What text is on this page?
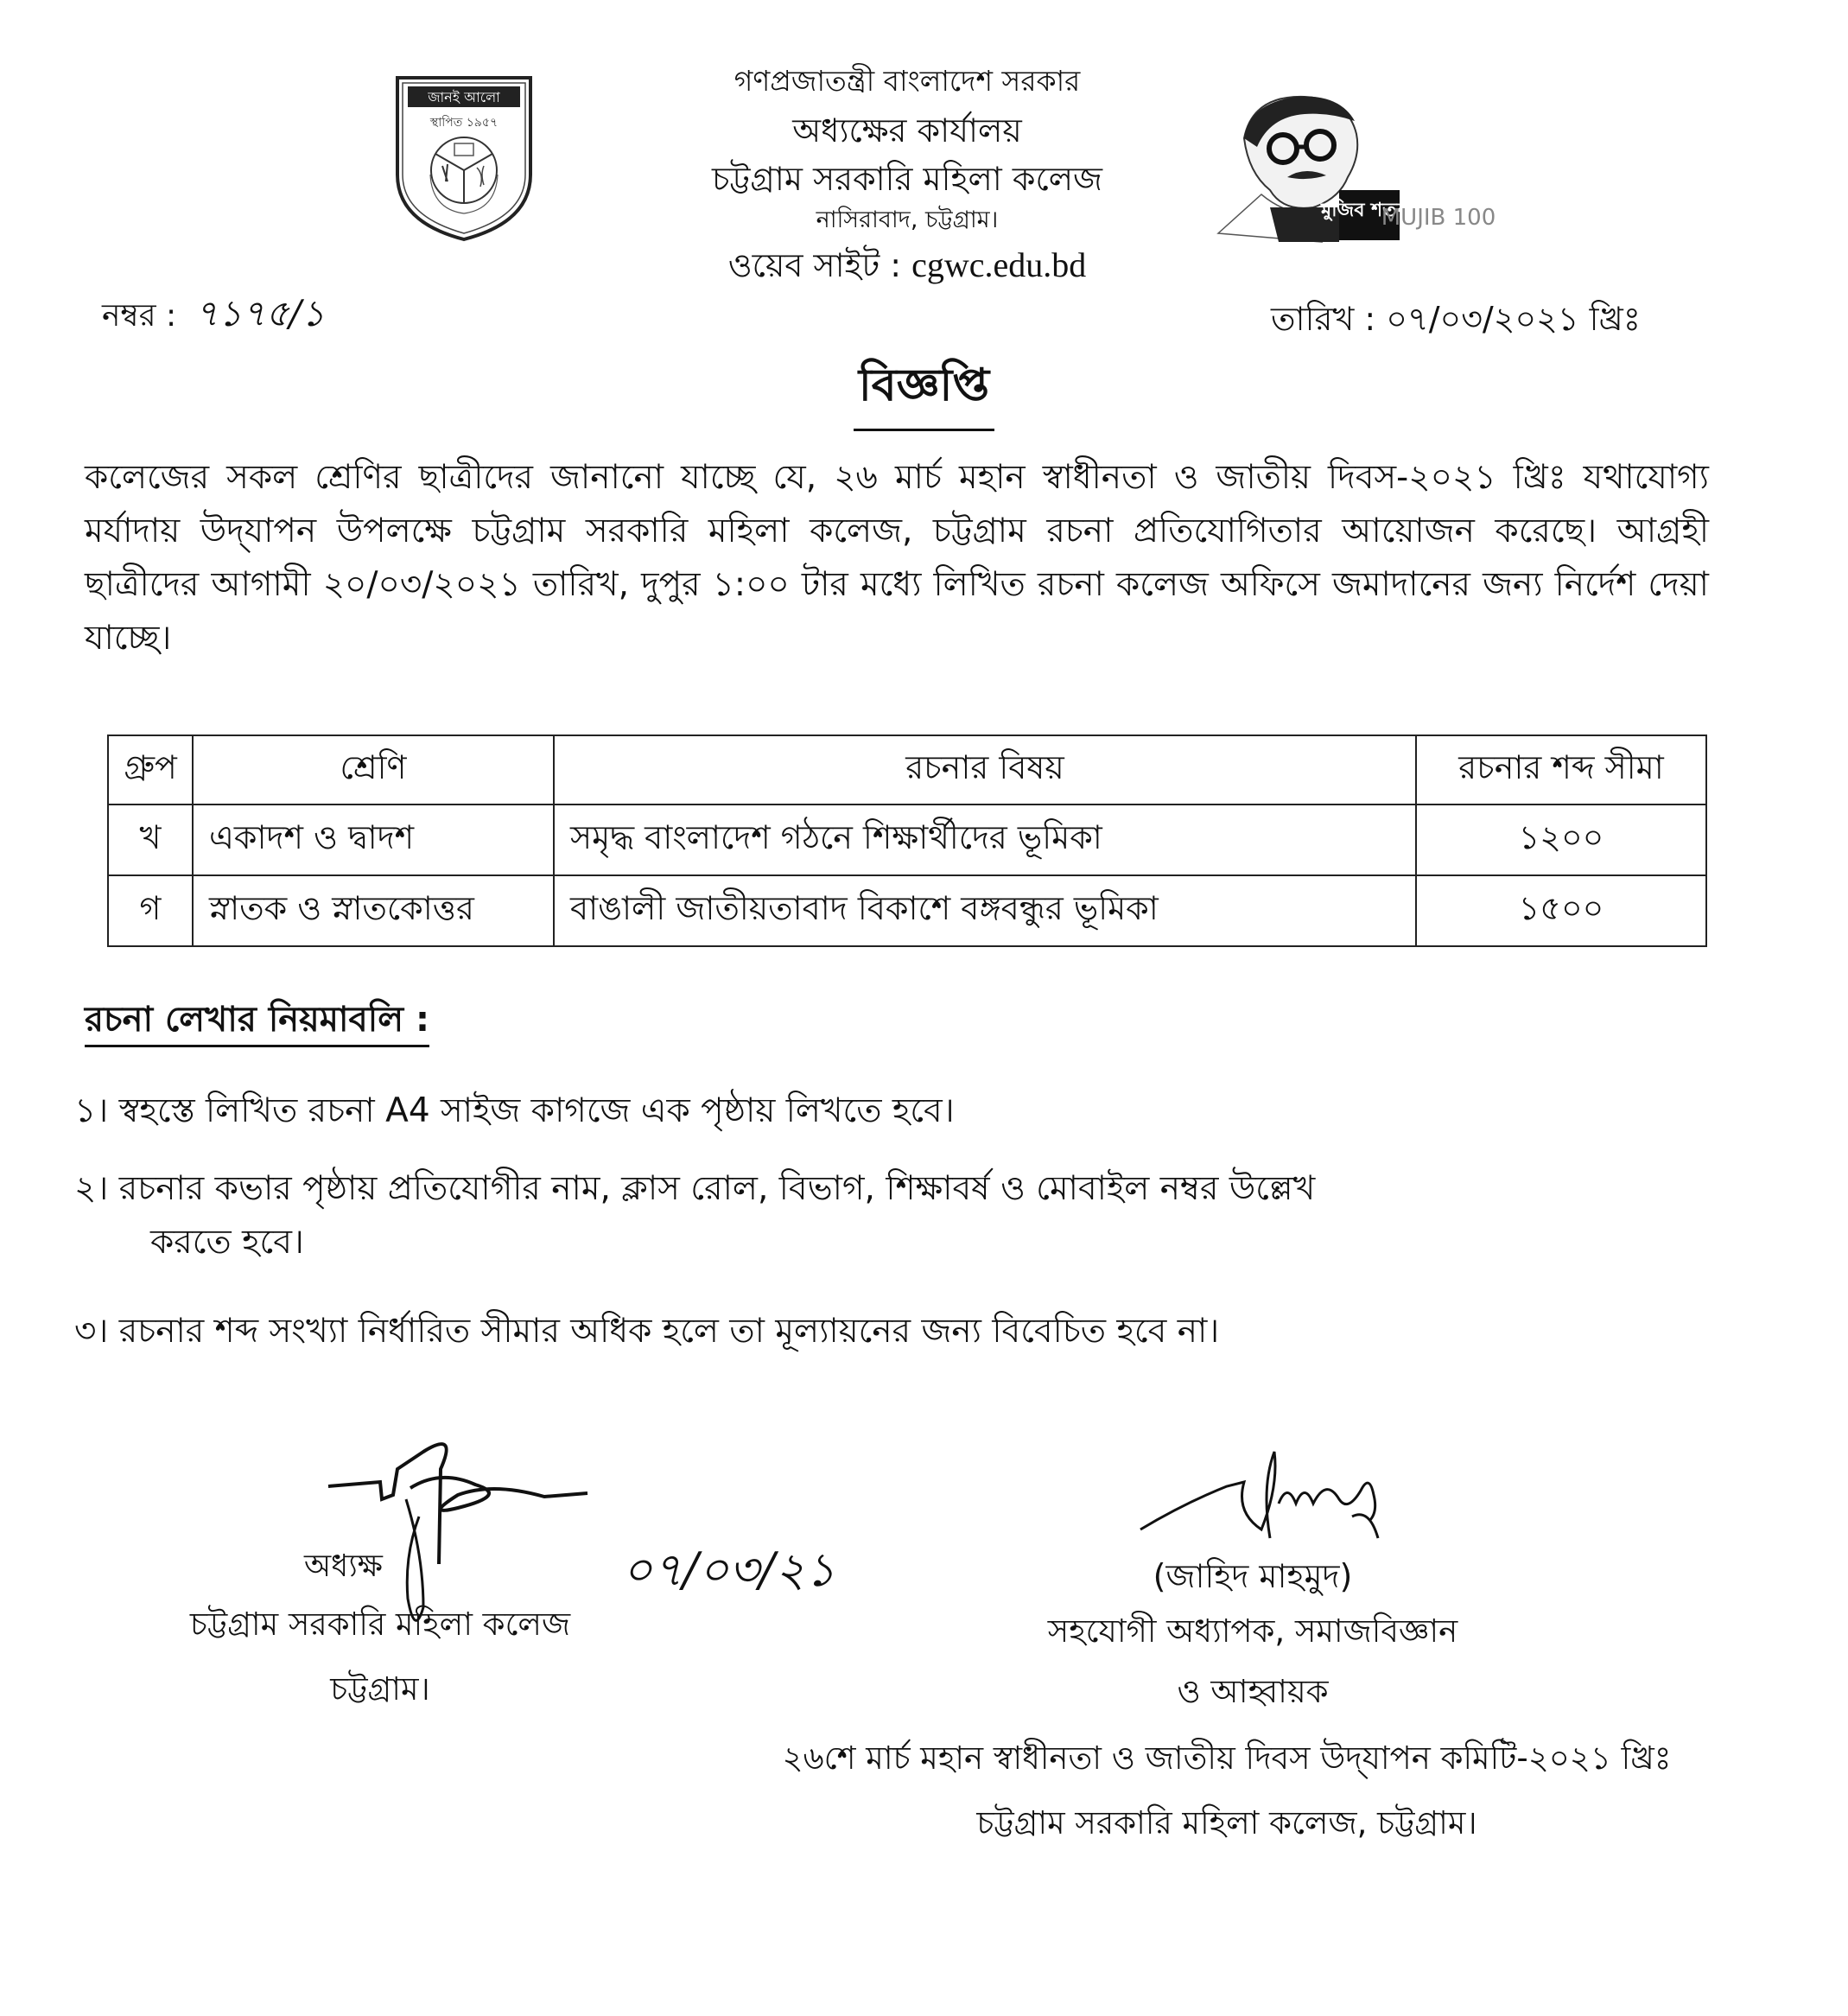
জানই আলো
স্থাপিত ১৯৫৭
মুজিব শতবর্ষ
MUJIB 100
গণপ্রজাতন্ত্রী বাংলাদেশ সরকার
অধ্যক্ষের কার্যালয়
চট্টগ্রাম সরকারি মহিলা কলেজ
নাসিরাবাদ, চট্টগ্রাম।
ওয়েব সাইট : cgwc.edu.bd
নম্বর : ৭১৭৫/১	তারিখ : ০৭/০৩/২০২১ খ্রিঃ
বিজ্ঞপ্তি
কলেজের সকল শ্রেণির ছাত্রীদের জানানো যাচ্ছে যে, ২৬ মার্চ মহান স্বাধীনতা ও জাতীয় দিবস-২০২১ খ্রিঃ যথাযোগ্য মর্যাদায় উদ্‌যাপন উপলক্ষে চট্টগ্রাম সরকারি মহিলা কলেজ, চট্টগ্রাম রচনা প্রতিযোগিতার আয়োজন করেছে। আগ্রহী ছাত্রীদের আগামী ২০/০৩/২০২১ তারিখ, দুপুর ১:০০ টার মধ্যে লিখিত রচনা কলেজ অফিসে জমাদানের জন্য নির্দেশ দেয়া যাচ্ছে।
গ্রুপ	শ্রেণি	রচনার বিষয়	রচনার শব্দ সীমা
খ	একাদশ ও দ্বাদশ	সমৃদ্ধ বাংলাদেশ গঠনে শিক্ষার্থীদের ভূমিকা	১২০০
গ	স্নাতক ও স্নাতকোত্তর	বাঙালী জাতীয়তাবাদ বিকাশে বঙ্গবন্ধুর ভূমিকা	১৫০০
রচনা লেখার নিয়মাবলি :
১। স্বহস্তে লিখিত রচনা A4 সাইজ কাগজে এক পৃষ্ঠায় লিখতে হবে।
২। রচনার কভার পৃষ্ঠায় প্রতিযোগীর নাম, ক্লাস রোল, বিভাগ, শিক্ষাবর্ষ ও মোবাইল নম্বর উল্লেখ
করতে হবে।
৩। রচনার শব্দ সংখ্যা নির্ধারিত সীমার অধিক হলে তা মূল্যায়নের জন্য বিবেচিত হবে না।
০৭/০৩/২১
অধ্যক্ষ
চট্টগ্রাম সরকারি মহিলা কলেজ
চট্টগ্রাম।
(জাহিদ মাহমুদ)
সহযোগী অধ্যাপক, সমাজবিজ্ঞান
ও আহ্বায়ক
২৬শে মার্চ মহান স্বাধীনতা ও জাতীয় দিবস উদ্‌যাপন কমিটি-২০২১ খ্রিঃ
চট্টগ্রাম সরকারি মহিলা কলেজ, চট্টগ্রাম।
